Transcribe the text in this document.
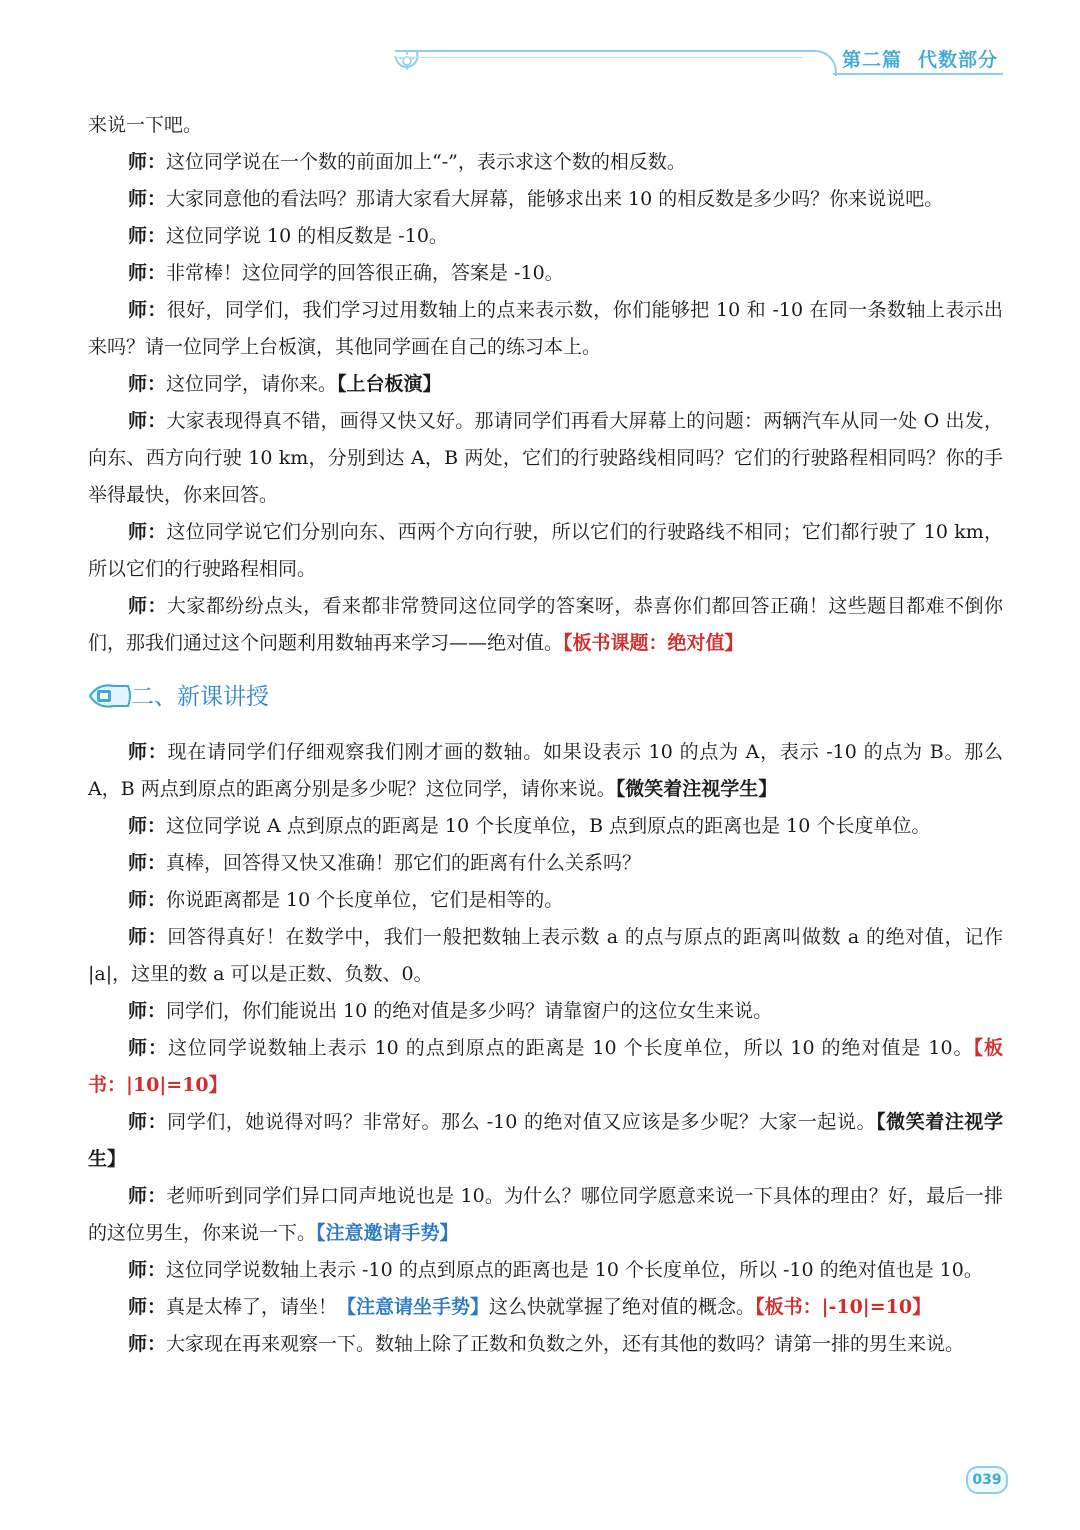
第二篇 代数部分

来说一下吧。

师：这位同学说在一个数的前面加上“-”，表示求这个数的相反数。

师：大家同意他的看法吗？那请大家看大屏幕，能够求出来 10 的相反数是多少吗？你来说说吧。

师：这位同学说 10 的相反数是 -10。

师：非常棒！这位同学的回答很正确，答案是 -10。

师：很好，同学们，我们学习过用数轴上的点来表示数，你们能够把 10 和 -10 在同一条数轴上表示出来吗？请一位同学上台板演，其他同学画在自己的练习本上。

师：这位同学，请你来。【上台板演】

师：大家表现得真不错，画得又快又好。那请同学们再看大屏幕上的问题：两辆汽车从同一处 O 出发，向东、西方向行驶 10 km，分别到达 A，B 两处，它们的行驶路线相同吗？它们的行驶路程相同吗？你的手举得最快，你来回答。

师：这位同学说它们分别向东、西两个方向行驶，所以它们的行驶路线不相同；它们都行驶了 10 km，所以它们的行驶路程相同。

师：大家都纷纷点头，看来都非常赞同这位同学的答案呀，恭喜你们都回答正确！这些题目都难不倒你们，那我们通过这个问题利用数轴再来学习——绝对值。【板书课题：绝对值】

二、新课讲授

师：现在请同学们仔细观察我们刚才画的数轴。如果设表示 10 的点为 A，表示 -10 的点为 B。那么 A，B 两点到原点的距离分别是多少呢？这位同学，请你来说。【微笑着注视学生】

师：这位同学说 A 点到原点的距离是 10 个长度单位，B 点到原点的距离也是 10 个长度单位。

师：真棒，回答得又快又准确！那它们的距离有什么关系吗？

师：你说距离都是 10 个长度单位，它们是相等的。

师：回答得真好！在数学中，我们一般把数轴上表示数 a 的点与原点的距离叫做数 a 的绝对值，记作 |a|，这里的数 a 可以是正数、负数、0。

师：同学们，你们能说出 10 的绝对值是多少吗？请靠窗户的这位女生来说。

师：这位同学说数轴上表示 10 的点到原点的距离是 10 个长度单位，所以 10 的绝对值是 10。【板书：|10|=10】

师：同学们，她说得对吗？非常好。那么 -10 的绝对值又应该是多少呢？大家一起说。【微笑着注视学生】

师：老师听到同学们异口同声地说也是 10。为什么？哪位同学愿意来说一下具体的理由？好，最后一排的这位男生，你来说一下。【注意邀请手势】

师：这位同学说数轴上表示 -10 的点到原点的距离也是 10 个长度单位，所以 -10 的绝对值也是 10。

师：真是太棒了，请坐！【注意请坐手势】这么快就掌握了绝对值的概念。【板书：|-10|=10】

师：大家现在再来观察一下。数轴上除了正数和负数之外，还有其他的数吗？请第一排的男生来说。

039
